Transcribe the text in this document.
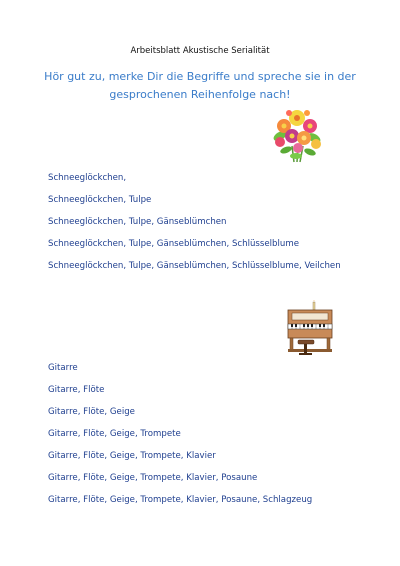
Arbeitsblatt Akustische Serialität
Hör gut zu, merke Dir die Begriffe und spreche sie in der
gesprochenen Reihenfolge nach!
Schneeglöckchen,
Schneeglöckchen, Tulpe
Schneeglöckchen, Tulpe, Gänseblümchen
Schneeglöckchen, Tulpe, Gänseblümchen, Schlüsselblume
Schneeglöckchen, Tulpe, Gänseblümchen, Schlüsselblume, Veilchen
Gitarre
Gitarre, Flöte
Gitarre, Flöte, Geige
Gitarre, Flöte, Geige, Trompete
Gitarre, Flöte, Geige, Trompete, Klavier
Gitarre, Flöte, Geige, Trompete, Klavier, Posaune
Gitarre, Flöte, Geige, Trompete, Klavier, Posaune, Schlagzeug
